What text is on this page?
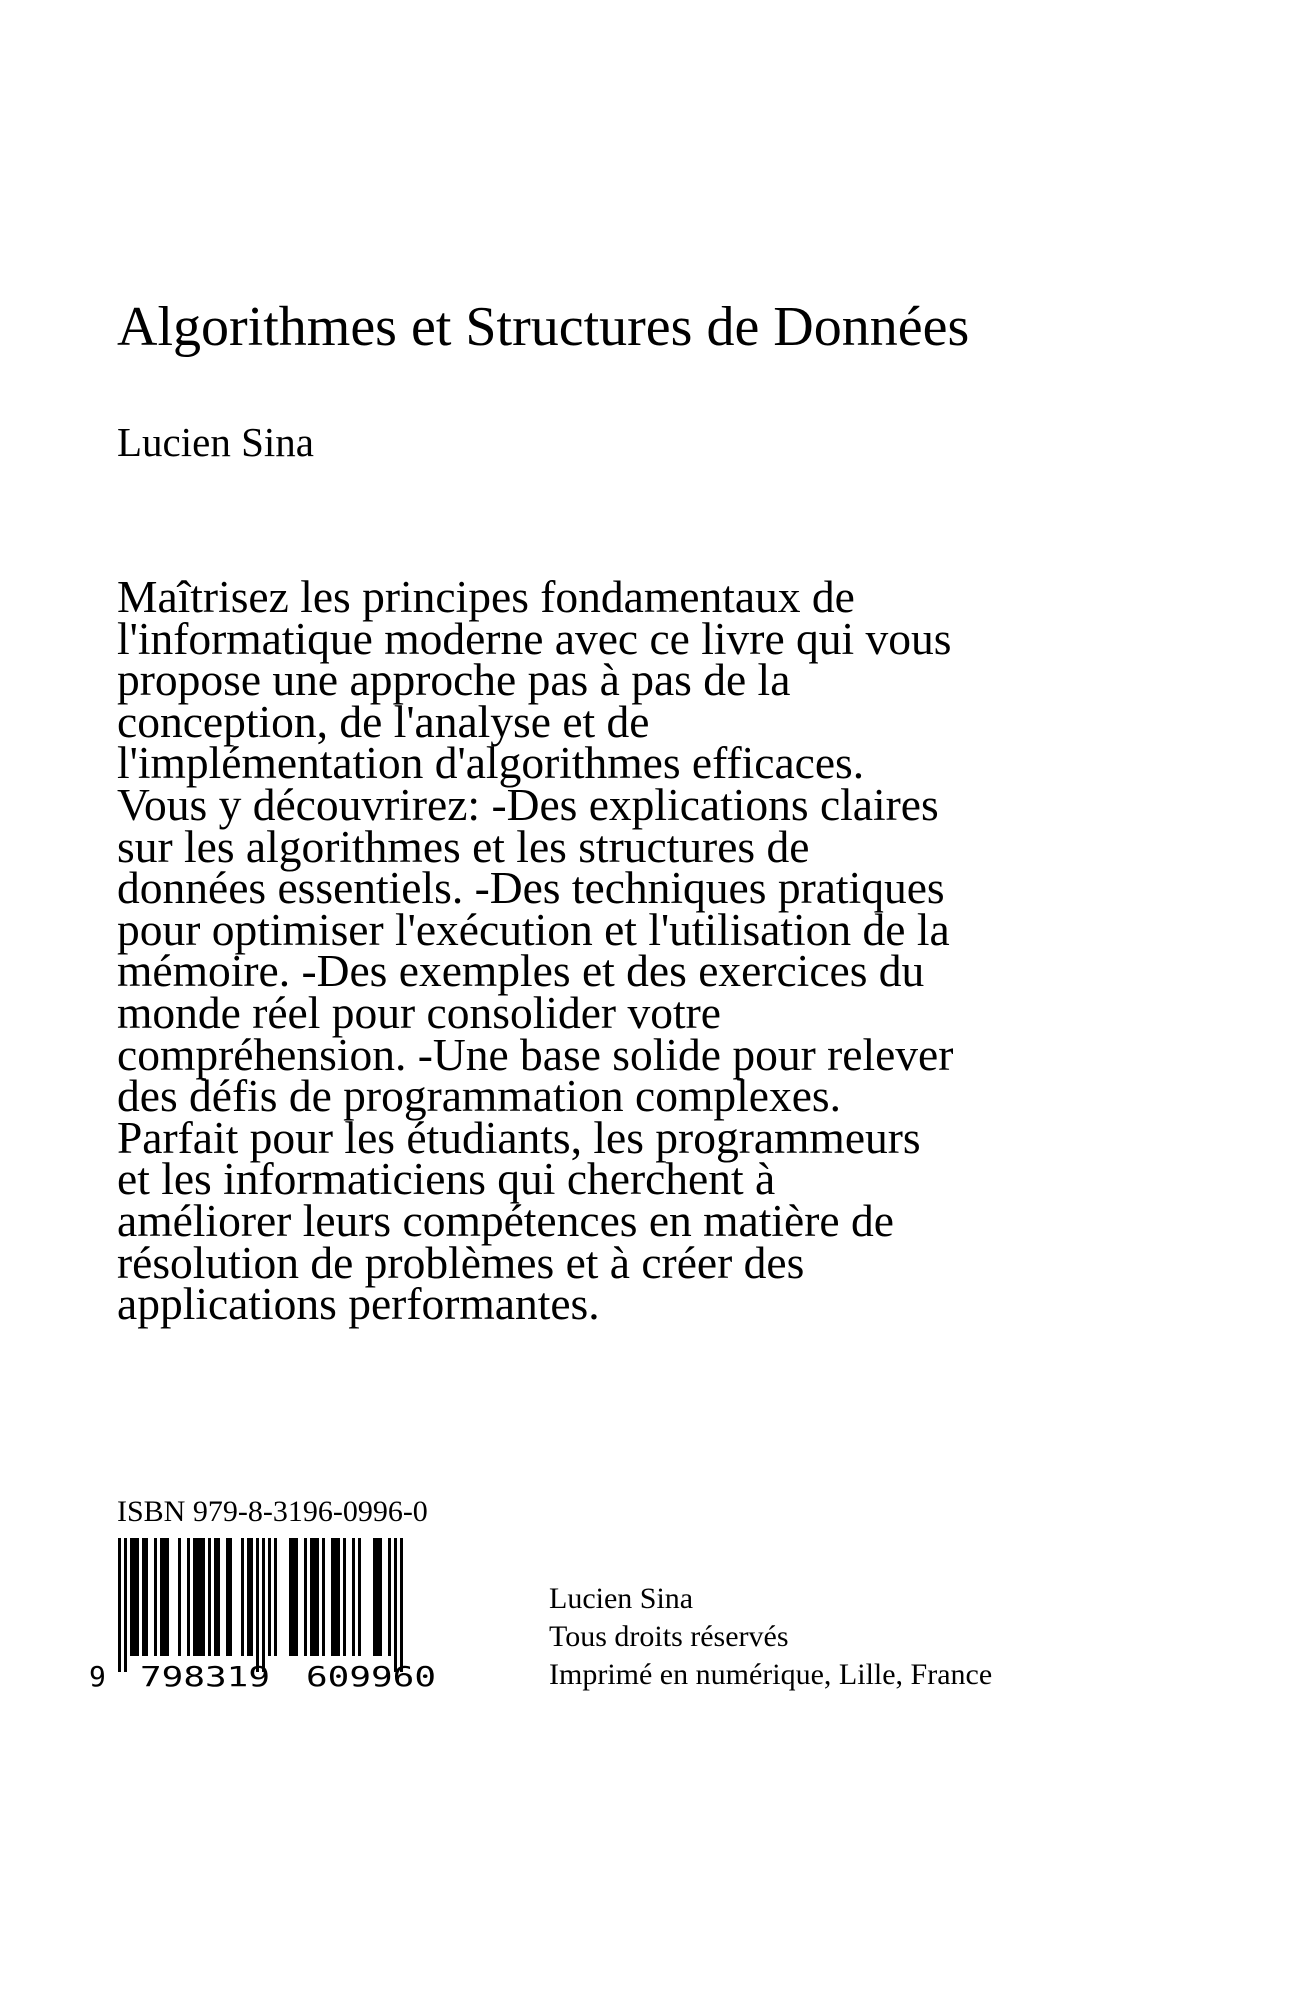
Algorithmes et Structures de Données
Lucien Sina

Maîtrisez les principes fondamentaux de l'informatique moderne avec ce livre qui vous propose une approche pas à pas de la conception, de l'analyse et de l'implémentation d'algorithmes efficaces. Vous y découvrirez: -Des explications claires sur les algorithmes et les structures de données essentiels. -Des techniques pratiques pour optimiser l'exécution et l'utilisation de la mémoire. -Des exemples et des exercices du monde réel pour consolider votre compréhension. -Une base solide pour relever des défis de programmation complexes. Parfait pour les étudiants, les programmeurs et les informaticiens qui cherchent à améliorer leurs compétences en matière de résolution de problèmes et à créer des applications performantes.

ISBN 979-8-3196-0996-0
9 798319 609960
Lucien Sina
Tous droits réservés
Imprimé en numérique, Lille, France
